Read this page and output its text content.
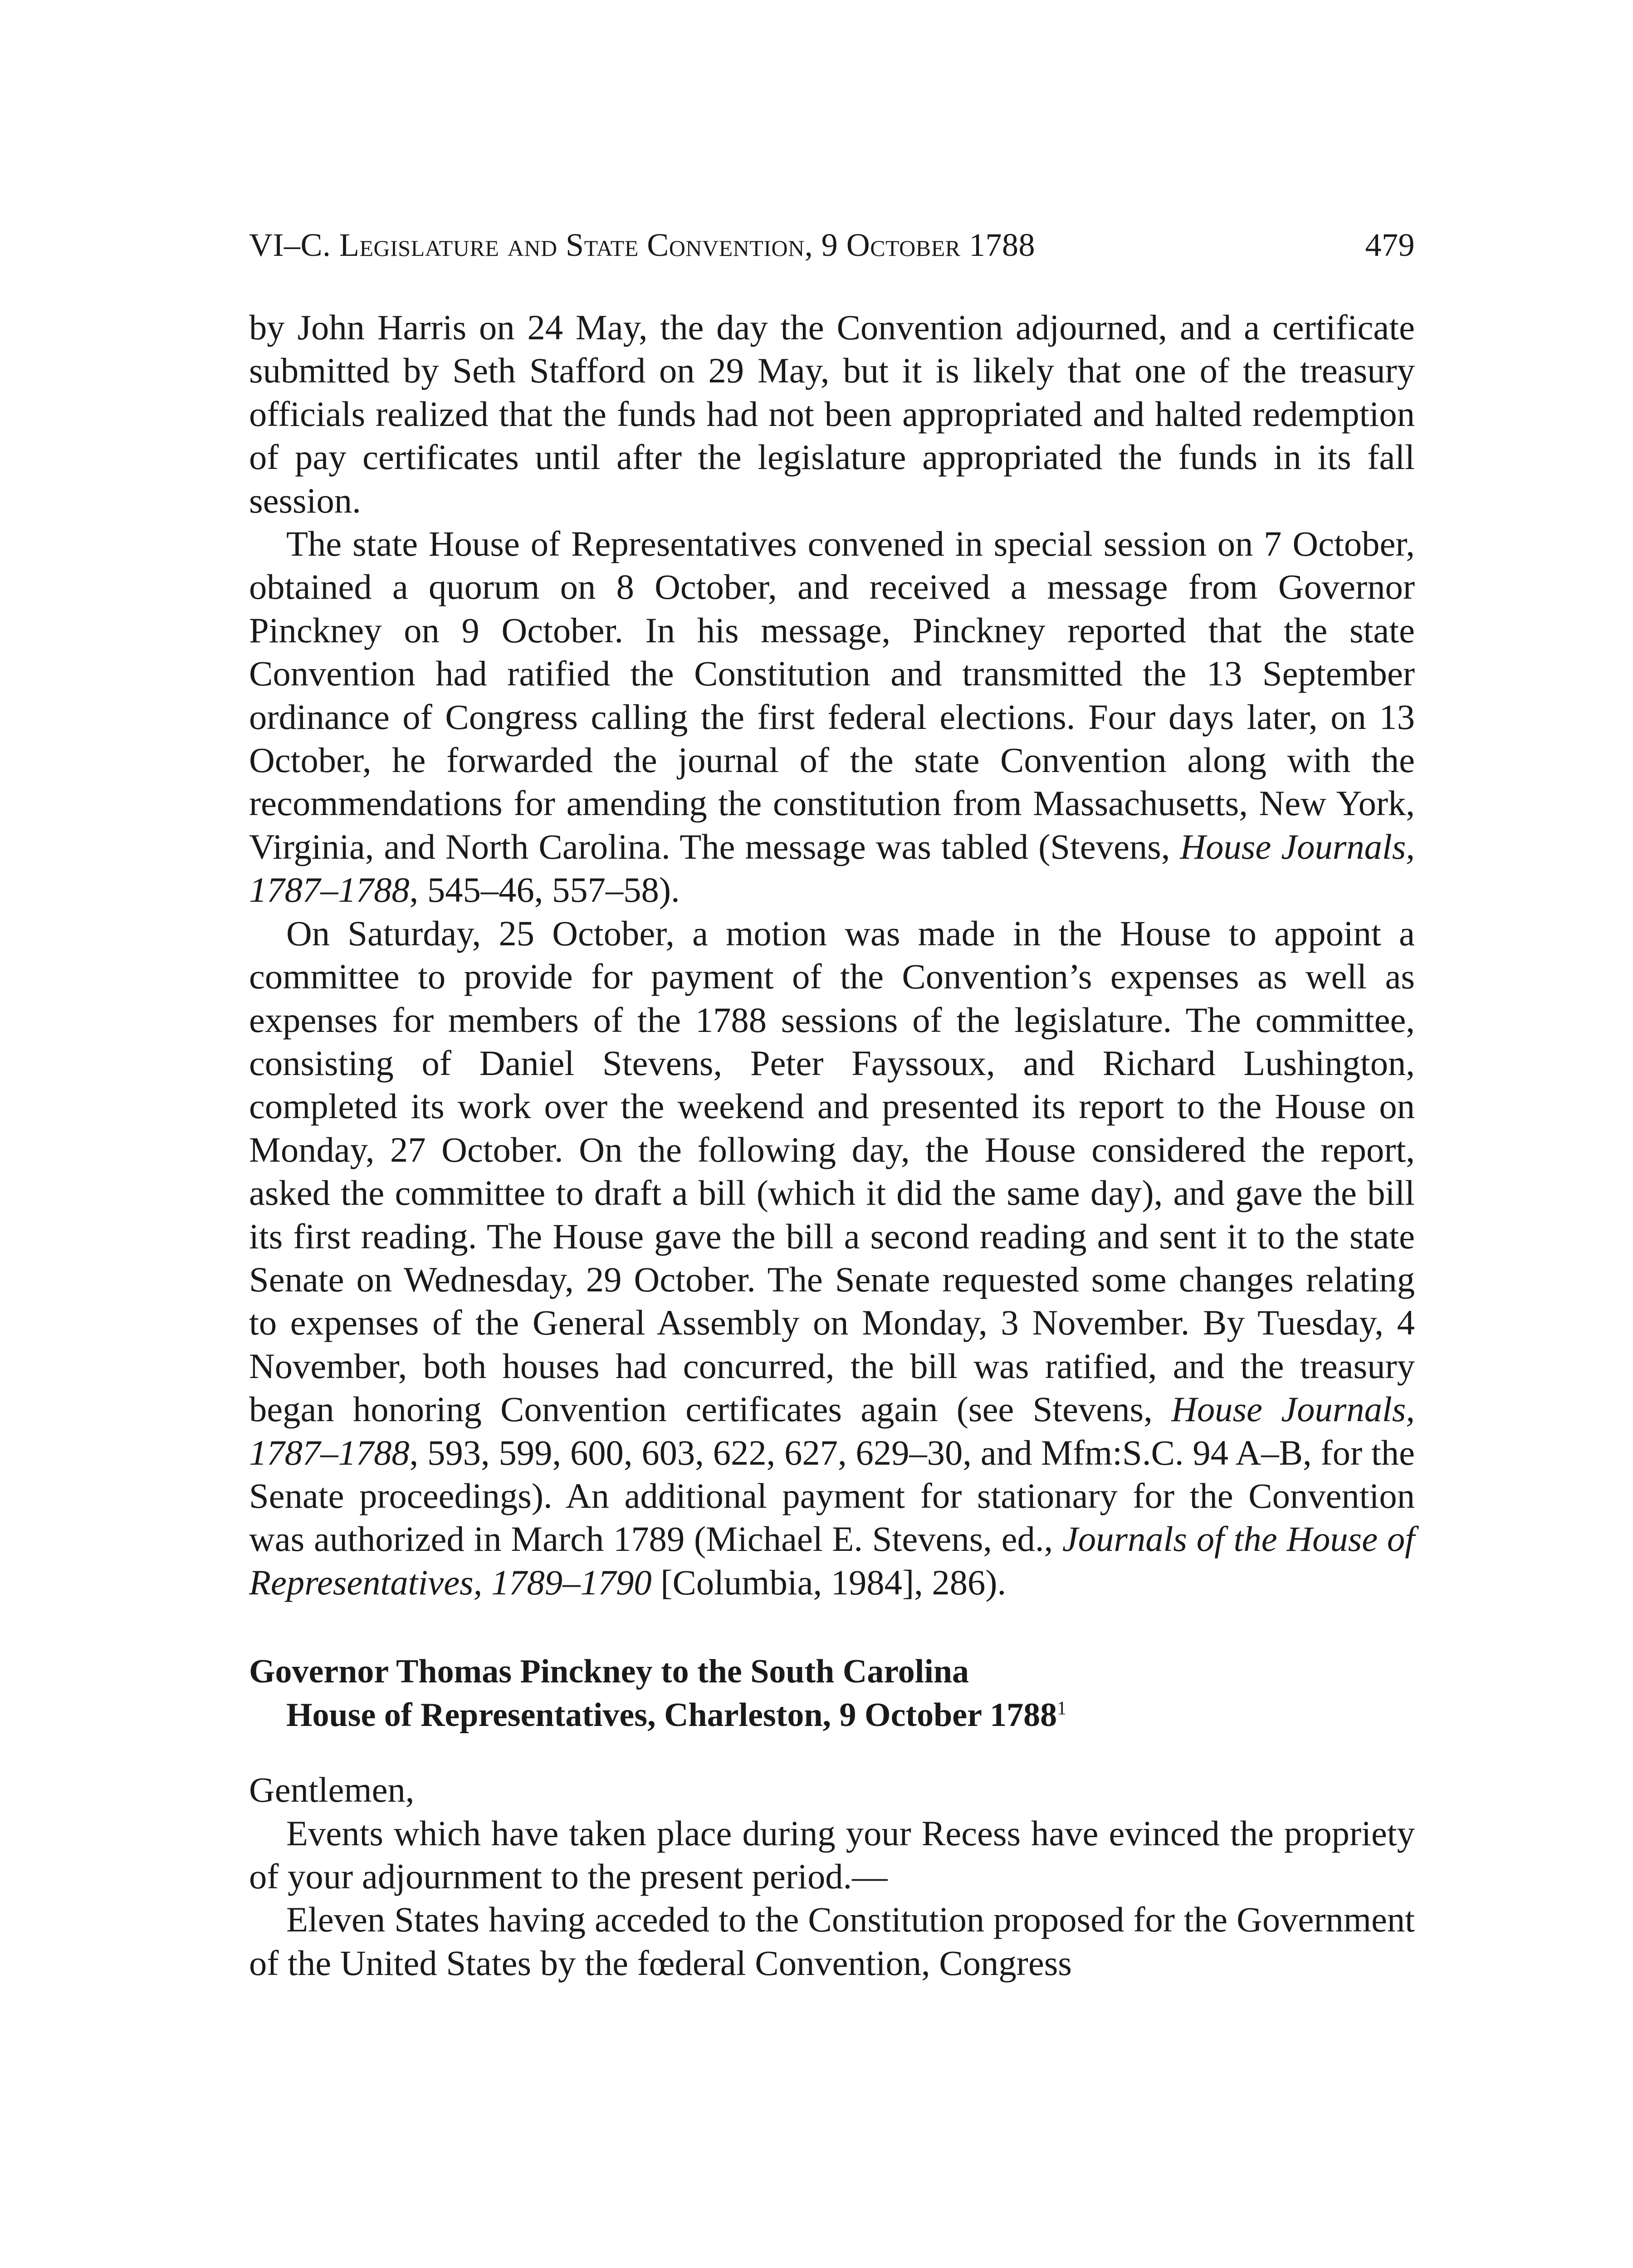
VI–C. Legislature and State Convention, 9 October 1788	479

by John Harris on 24 May, the day the Convention adjourned, and a certificate submitted by Seth Stafford on 29 May, but it is likely that one of the treasury officials realized that the funds had not been appropriated and halted redemption of pay certificates until after the legislature appropriated the funds in its fall session.

The state House of Representatives convened in special session on 7 October, obtained a quorum on 8 October, and received a message from Governor Pinckney on 9 October. In his message, Pinckney reported that the state Convention had ratified the Constitution and transmitted the 13 September ordinance of Congress calling the first federal elections. Four days later, on 13 October, he forwarded the journal of the state Convention along with the recommendations for amending the constitution from Massachusetts, New York, Virginia, and North Carolina. The message was tabled (Stevens, House Journals, 1787–1788, 545–46, 557–58).

On Saturday, 25 October, a motion was made in the House to appoint a committee to provide for payment of the Convention’s expenses as well as expenses for members of the 1788 sessions of the legislature. The committee, consisting of Daniel Stevens, Peter Fayssoux, and Richard Lushington, completed its work over the weekend and presented its report to the House on Monday, 27 October. On the following day, the House considered the report, asked the committee to draft a bill (which it did the same day), and gave the bill its first reading. The House gave the bill a second reading and sent it to the state Senate on Wednesday, 29 October. The Senate requested some changes relating to expenses of the General Assembly on Monday, 3 November. By Tuesday, 4 November, both houses had concurred, the bill was ratified, and the treasury began honoring Convention certificates again (see Stevens, House Journals, 1787–1788, 593, 599, 600, 603, 622, 627, 629–30, and Mfm:S.C. 94 A–B, for the Senate proceedings). An additional payment for stationary for the Convention was authorized in March 1789 (Michael E. Stevens, ed., Journals of the House of Representatives, 1789–1790 [Columbia, 1984], 286).

Governor Thomas Pinckney to the South Carolina
House of Representatives, Charleston, 9 October 1788$^1$

Gentlemen,

Events which have taken place during your Recess have evinced the propriety of your adjournment to the present period.—

Eleven States having acceded to the Constitution proposed for the Government of the United States by the fœderal Convention, Congress
